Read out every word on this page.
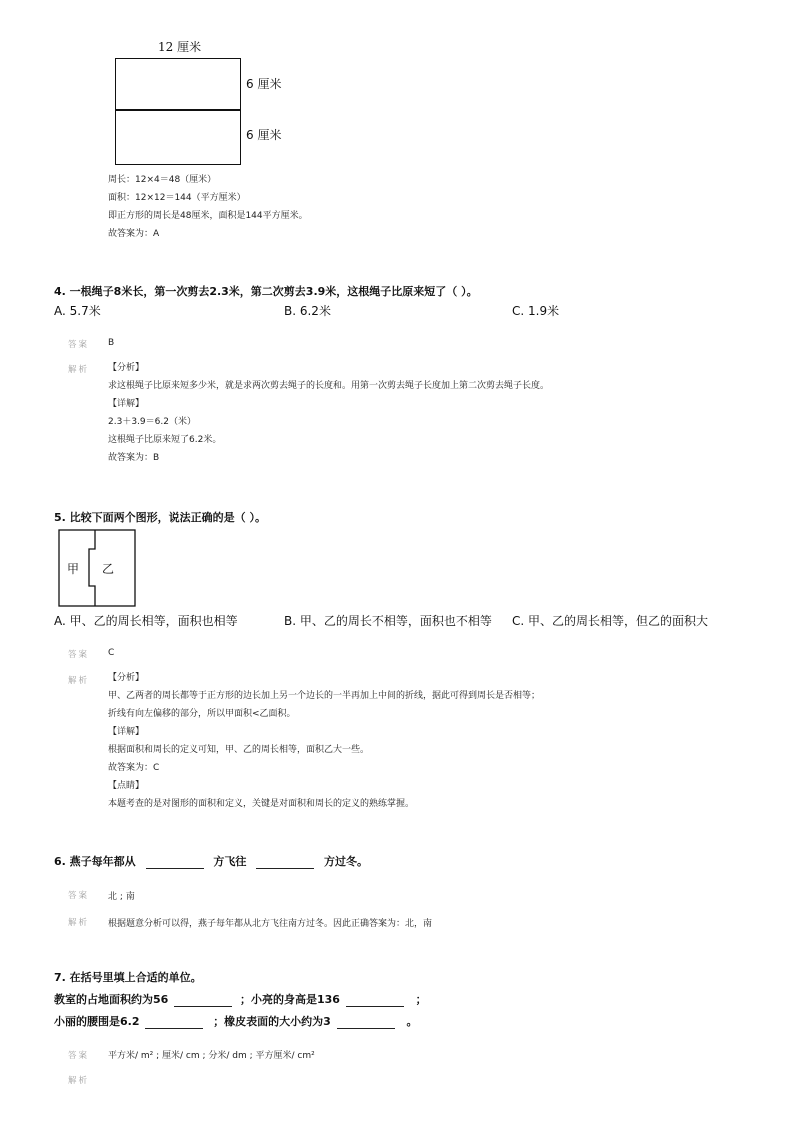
12 厘米
6 厘米
6 厘米
周长：12×4＝48（厘米）
面积：12×12＝144（平方厘米）
即正方形的周长是48厘米，面积是144平方厘米。
故答案为：A
4. 一根绳子8米长，第一次剪去2.3米，第二次剪去3.9米，这根绳子比原来短了（ ）。
A. 5.7米	B. 6.2米	C. 1.9米
答案 B
解析 【分析】
求这根绳子比原来短多少米，就是求两次剪去绳子的长度和。用第一次剪去绳子长度加上第二次剪去绳子长度。
【详解】
2.3＋3.9＝6.2（米）
这根绳子比原来短了6.2米。
故答案为：B
5. 比较下面两个图形，说法正确的是（ ）。
甲 乙
A. 甲、乙的周长相等，面积也相等	B. 甲、乙的周长不相等，面积也不相等 C. 甲、乙的周长相等，但乙的面积大
答案 C
解析 【分析】
甲、乙两者的周长都等于正方形的边长加上另一个边长的一半再加上中间的折线，据此可得到周长是否相等；
折线有向左偏移的部分，所以甲面积<乙面积。
【详解】
根据面积和周长的定义可知，甲、乙的周长相等，面积乙大一些。
故答案为：C
【点睛】
本题考查的是对图形的面积和定义，关键是对面积和周长的定义的熟练掌握。
6. 燕子每年都从	方飞往	方过冬。
答案 北 ; 南
解析 根据题意分析可以得，燕子每年都从北方飞往南方过冬。因此正确答案为：北，南
7. 在括号里填上合适的单位。
教室的占地面积约为56	；小亮的身高是136	；
小丽的腰围是6.2	；橡皮表面的大小约为3	。
答案 平方米/ m² ; 厘米/ cm ; 分米/ dm ; 平方厘米/ cm²
解析
